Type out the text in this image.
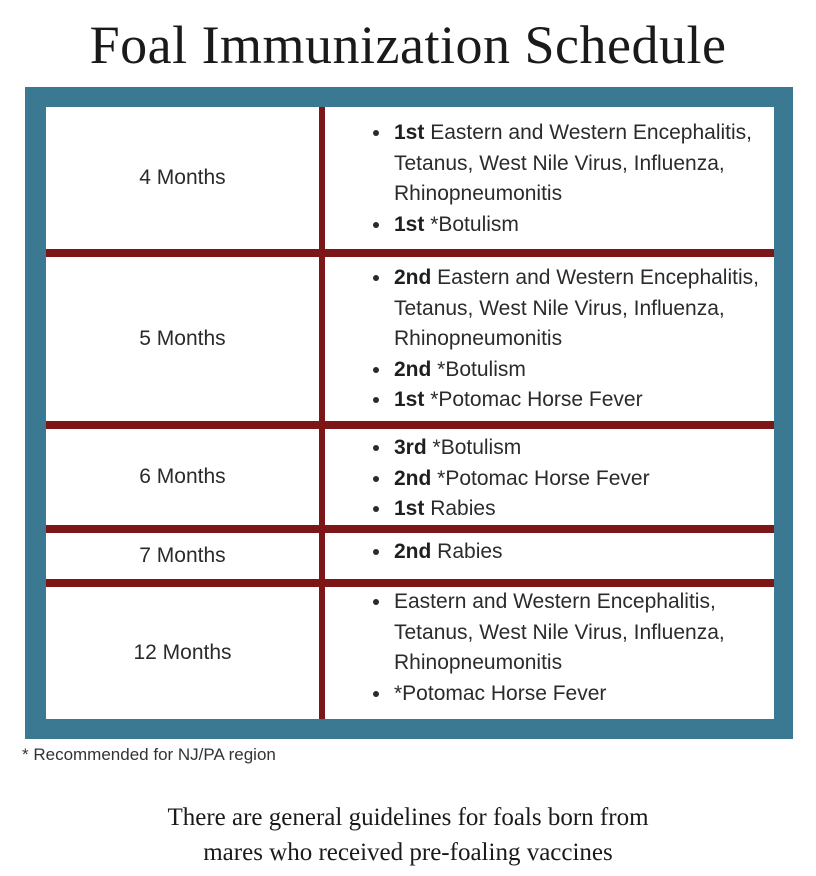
Foal Immunization Schedule
4 Months
1st Eastern and Western Encephalitis, Tetanus, West Nile Virus, Influenza, Rhinopneumonitis
1st *Botulism
5 Months
2nd Eastern and Western Encephalitis, Tetanus, West Nile Virus, Influenza, Rhinopneumonitis
2nd *Botulism
1st *Potomac Horse Fever
6 Months
3rd *Botulism
2nd *Potomac Horse Fever
1st Rabies
7 Months	2nd Rabies
12 Months
Eastern and Western Encephalitis, Tetanus, West Nile Virus, Influenza, Rhinopneumonitis
*Potomac Horse Fever
* Recommended for NJ/PA region
There are general guidelines for foals born from
mares who received pre-foaling vaccines
